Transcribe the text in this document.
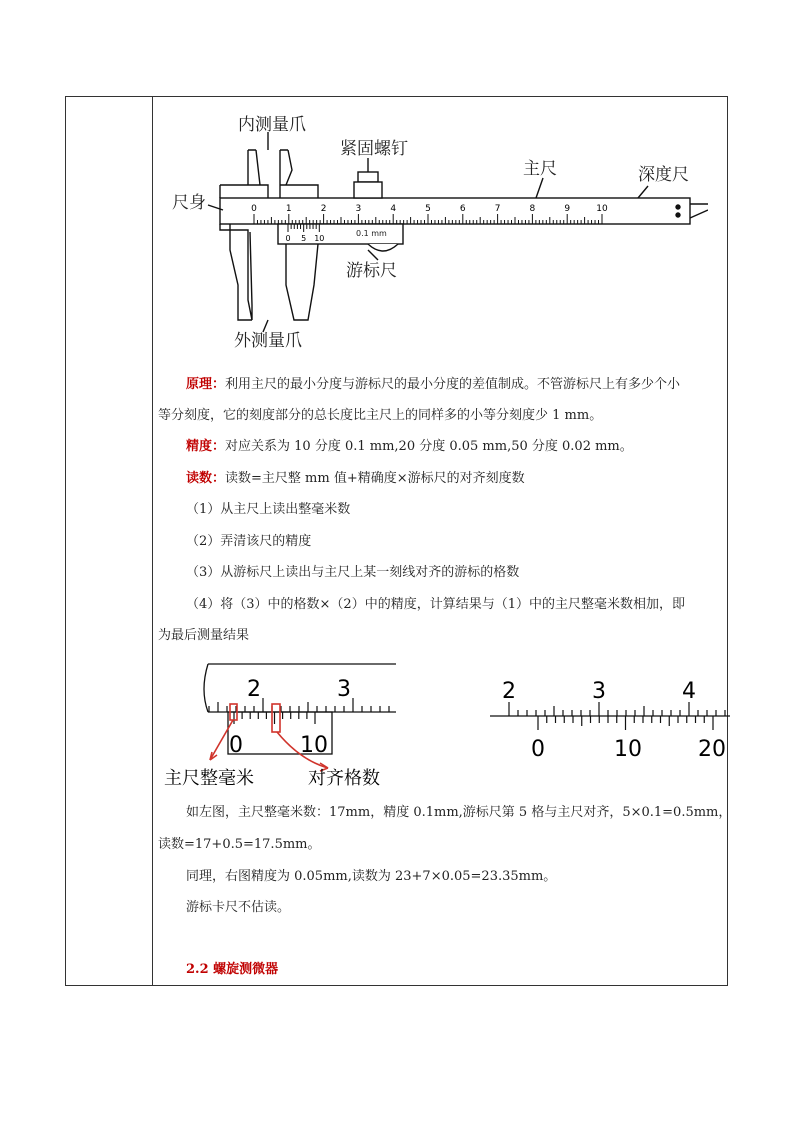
0	1	2	3	4	5	6	7	8	9	10
0 5 10
内测量爪
紧固螺钉
主尺	深度尺
尺身
游标尺
外测量爪
0.1 mm
原理：利用主尺的最小分度与游标尺的最小分度的差值制成。不管游标尺上有多少个小
等分刻度，它的刻度部分的总长度比主尺上的同样多的小等分刻度少 1 mm。
精度：对应关系为 10 分度 0.1 mm,20 分度 0.05 mm,50 分度 0.02 mm。
读数：读数=主尺整 mm 值+精确度×游标尺的对齐刻度数
（1）从主尺上读出整毫米数
（2）弄清该尺的精度
（3）从游标尺上读出与主尺上某一刻线对齐的游标的格数
（4）将（3）中的格数×（2）中的精度，计算结果与（1）中的主尺整毫米数相加，即
为最后测量结果
2	3
0	10
主尺整毫米	对齐格数
2	3	4
0	10	20
如左图，主尺整毫米数：17mm，精度 0.1mm,游标尺第 5 格与主尺对齐，5×0.1=0.5mm，
读数=17+0.5=17.5mm。
同理，右图精度为 0.05mm,读数为 23+7×0.05=23.35mm。
游标卡尺不估读。
2.2 螺旋测微器
